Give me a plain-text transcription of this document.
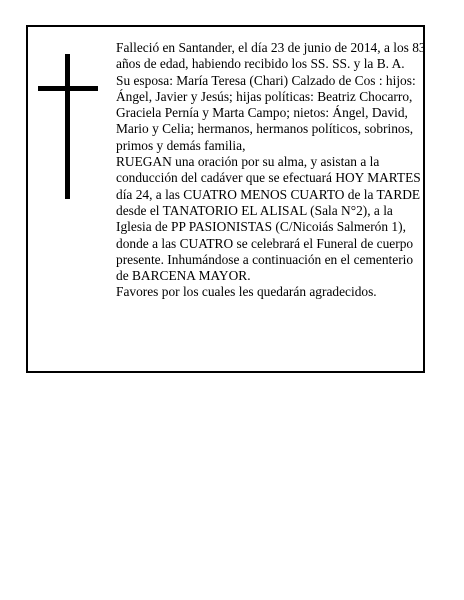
Falleció en Santander, el día 23 de junio de 2014, a los 83 años de edad, habiendo recibido los SS. SS. y la B. A.

Su esposa: María Teresa (Chari) Calzado de Cos : hijos: Ángel, Javier y Jesús; hijas políticas: Beatriz Chocarro, Graciela Pernía y Marta Campo; nietos: Ángel, David, Mario y Celia; hermanos, hermanos políticos, sobrinos, primos y demás familia,

RUEGAN una oración por su alma, y asistan a la conducción del cadáver que se efectuará HOY MARTES día 24, a las CUATRO MENOS CUARTO de la TARDE desde el TANATORIO EL ALISAL (Sala N°2), a la Iglesia de PP PASIONISTAS (C/Nicoiás Salmerón 1), donde a las CUATRO se celebrará el Funeral de cuerpo presente. Inhumándose a continuación en el cementerio de BARCENA MAYOR.

Favores por los cuales les quedarán agradecidos.
